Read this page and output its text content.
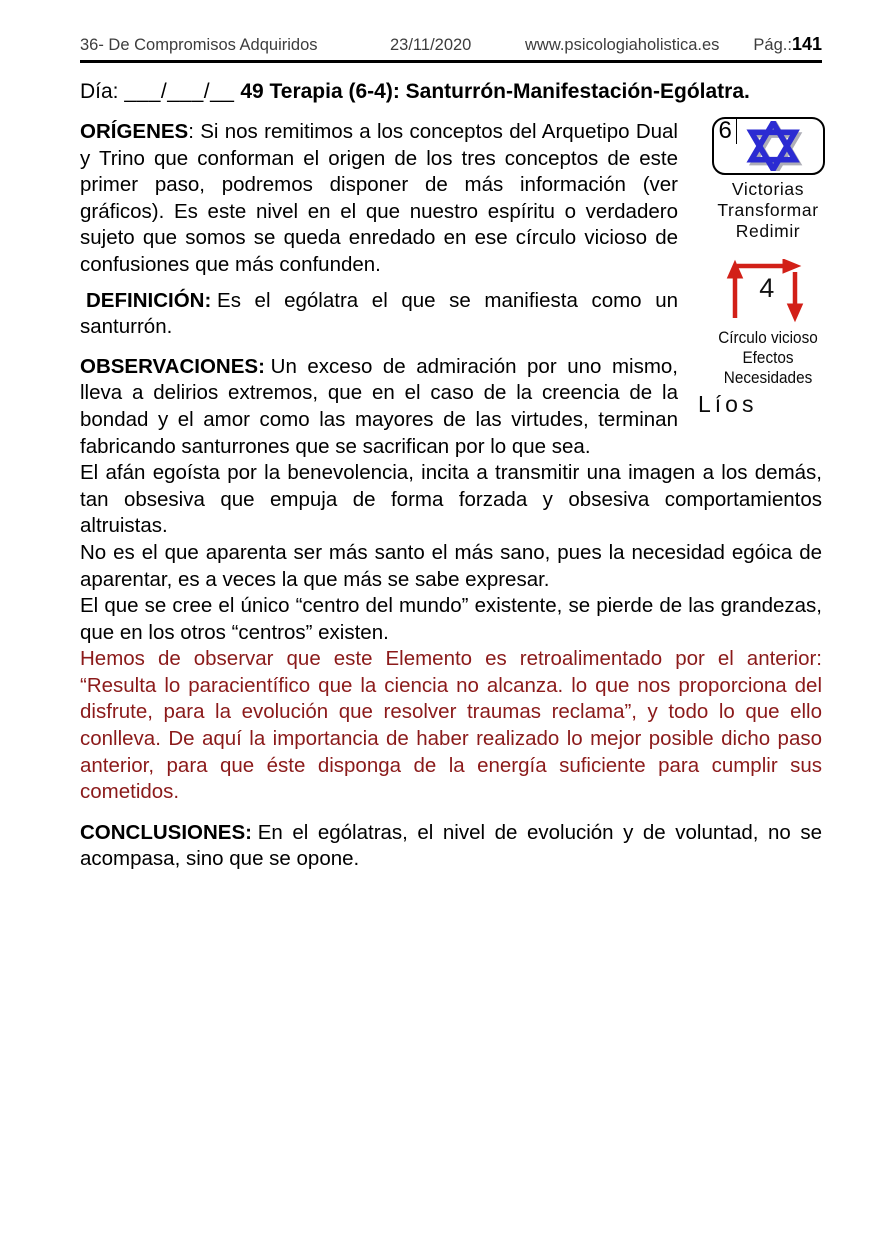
36- De Compromisos Adquiridos	23/11/2020	www.psicologiaholistica.es	Pág.:141
Día: ___/___/__ 49 Terapia (6-4): Santurrón-Manifestación-Ególatra.
6
Victorias
Transformar
Redimir
4
Círculo vicioso
Efectos
Necesidades
Líos

ORÍGENES: Si nos remitimos a los conceptos del Arquetipo Dual y Trino que conforman el origen de los tres conceptos de este primer paso, podremos disponer de más información (ver gráficos). Es este nivel en el que nuestro espíritu o verdadero sujeto que somos se queda enredado en ese círculo vicioso de confusiones que más confunden.

DEFINICIÓN: Es el ególatra el que se manifiesta como un santurrón.

OBSERVACIONES: Un exceso de admiración por uno mismo, lleva a delirios extremos, que en el caso de la creencia de la bondad y el amor como las mayores de las virtudes, terminan fabricando santurrones que se sacrifican por lo que sea.
El afán egoísta por la benevolencia, incita a transmitir una imagen a los demás, tan obsesiva que empuja de forma forzada y obsesiva comportamientos altruistas.
No es el que aparenta ser más santo el más sano, pues la necesidad egóica de aparentar, es a veces la que más se sabe expresar.
El que se cree el único “centro del mundo” existente, se pierde de las grandezas, que en los otros “centros” existen.

Hemos de observar que este Elemento es retroalimentado por el anterior: “Resulta lo paracientífico que la ciencia no alcanza. lo que nos proporciona del disfrute, para la evolución que resolver traumas reclama”, y todo lo que ello conlleva. De aquí la importancia de haber realizado lo mejor posible dicho paso anterior, para que éste disponga de la energía suficiente para cumplir sus cometidos.

CONCLUSIONES: En el ególatras, el nivel de evolución y de voluntad, no se acompasa, sino que se opone.
